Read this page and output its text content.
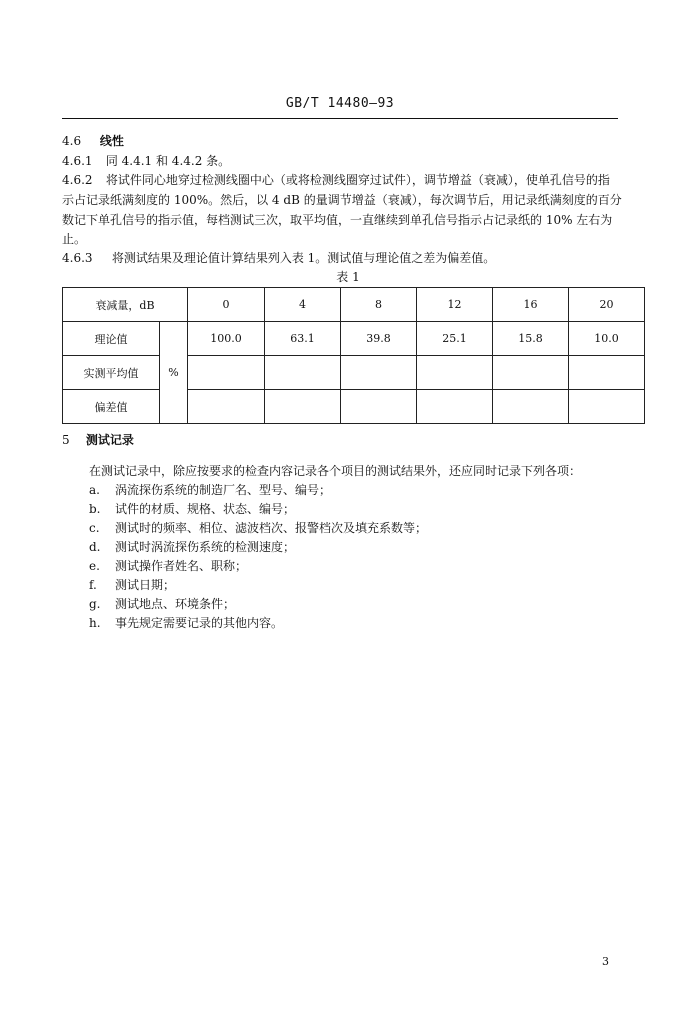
GB/T 14480—93
4.6 线性
4.6.1 同 4.4.1 和 4.4.2 条。
4.6.2 将试件同心地穿过检测线圈中心（或将检测线圈穿过试件），调节增益（衰减），使单孔信号的指
示占记录纸满刻度的 100%。然后，以 4 dB 的量调节增益（衰减），每次调节后，用记录纸满刻度的百分
数记下单孔信号的指示值，每档测试三次，取平均值，一直继续到单孔信号指示占记录纸的 10% 左右为
止。
4.6.3 将测试结果及理论值计算结果列入表 1。测试值与理论值之差为偏差值。
表 1
衰减量，dB		0	4	8	12	16	20
理论值	%	100.0	63.1	39.8	25.1	15.8	10.0
实测平均值							
偏差值							
5 测试记录
在测试记录中，除应按要求的检查内容记录各个项目的测试结果外，还应同时记录下列各项：
a. 涡流探伤系统的制造厂名、型号、编号；
b. 试件的材质、规格、状态、编号；
c. 测试时的频率、相位、滤波档次、报警档次及填充系数等；
d. 测试时涡流探伤系统的检测速度；
e. 测试操作者姓名、职称；
f. 测试日期；
g. 测试地点、环境条件；
h. 事先规定需要记录的其他内容。
3
